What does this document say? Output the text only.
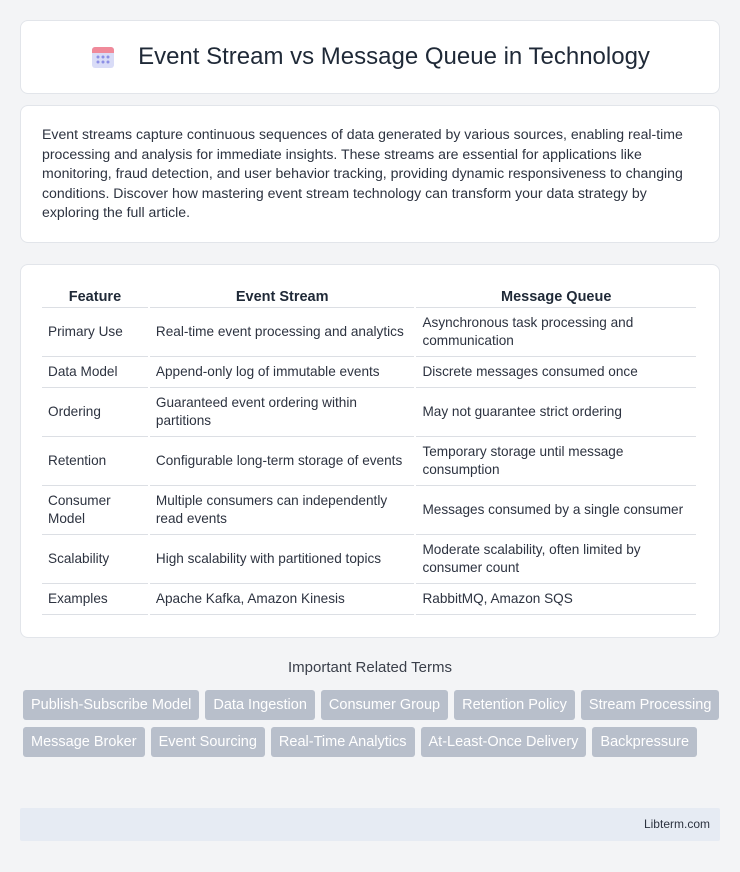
Event Stream vs Message Queue in Technology

Event streams capture continuous sequences of data generated by various sources, enabling real-time processing and analysis for immediate insights. These streams are essential for applications like monitoring, fraud detection, and user behavior tracking, providing dynamic responsiveness to changing conditions. Discover how mastering event stream technology can transform your data strategy by exploring the full article.

Feature	Event Stream	Message Queue
Primary Use	Real-time event processing and analytics	Asynchronous task processing and communication
Data Model	Append-only log of immutable events	Discrete messages consumed once
Ordering	Guaranteed event ordering within partitions	May not guarantee strict ordering
Retention	Configurable long-term storage of events	Temporary storage until message consumption
Consumer Model	Multiple consumers can independently read events	Messages consumed by a single consumer
Scalability	High scalability with partitioned topics	Moderate scalability, often limited by consumer count
Examples	Apache Kafka, Amazon Kinesis	RabbitMQ, Amazon SQS
Important Related Terms
Publish-Subscribe Model	Data Ingestion	Consumer Group	Retention Policy	Stream Processing
Message Broker	Event Sourcing	Real-Time Analytics	At-Least-Once Delivery	Backpressure
Libterm.com
